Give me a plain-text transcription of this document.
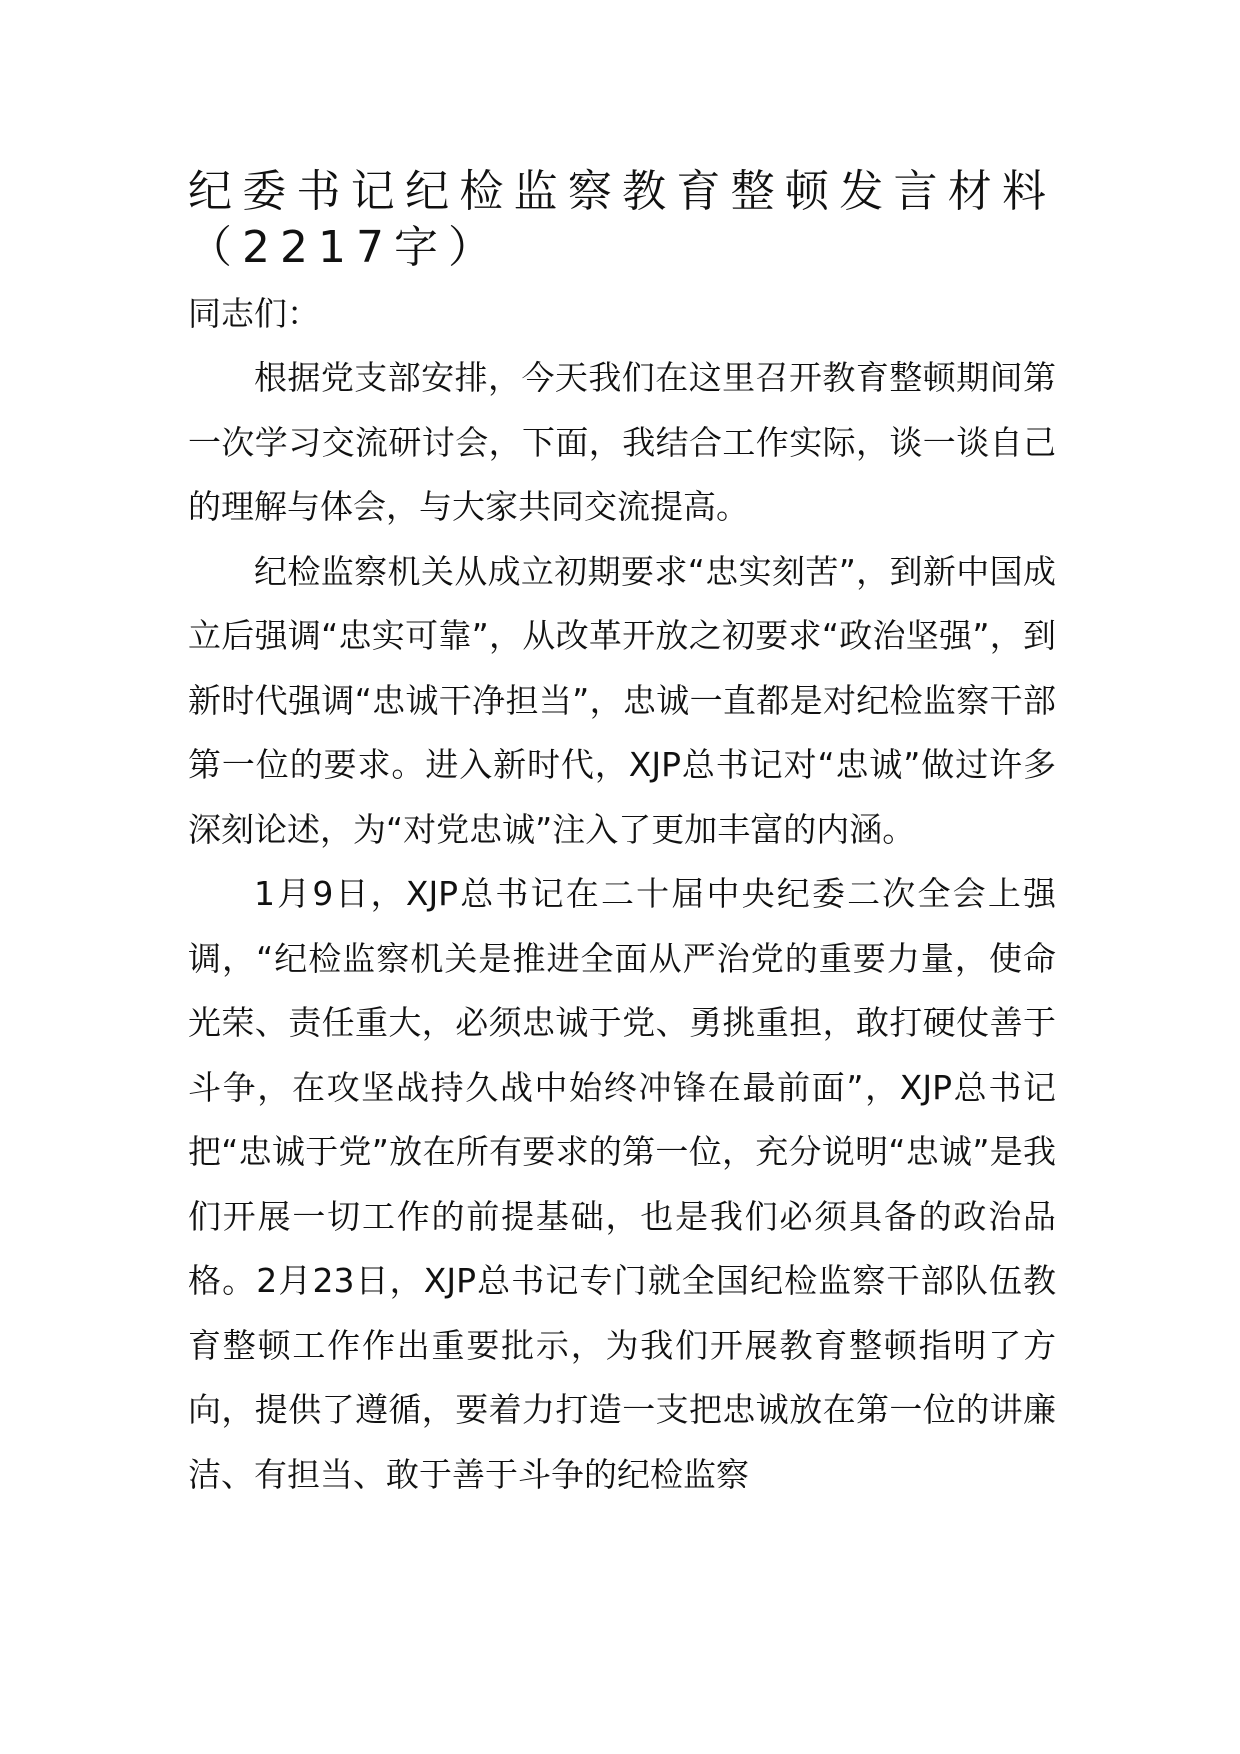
纪委书记纪检监察教育整顿发言材料（2217字）

同志们：

根据党支部安排，今天我们在这里召开教育整顿期间第一次学习交流研讨会，下面，我结合工作实际，谈一谈自己的理解与体会，与大家共同交流提高。

纪检监察机关从成立初期要求“忠实刻苦”，到新中国成立后强调“忠实可靠”，从改革开放之初要求“政治坚强”，到新时代强调“忠诚干净担当”，忠诚一直都是对纪检监察干部第一位的要求。进入新时代，XJP总书记对“忠诚”做过许多深刻论述，为“对党忠诚”注入了更加丰富的内涵。

1月9日，XJP总书记在二十届中央纪委二次全会上强调，“纪检监察机关是推进全面从严治党的重要力量，使命光荣、责任重大，必须忠诚于党、勇挑重担，敢打硬仗善于斗争，在攻坚战持久战中始终冲锋在最前面”，XJP总书记把“忠诚于党”放在所有要求的第一位，充分说明“忠诚”是我们开展一切工作的前提基础，也是我们必须具备的政治品格。2月23日，XJP总书记专门就全国纪检监察干部队伍教育整顿工作作出重要批示，为我们开展教育整顿指明了方向，提供了遵循，要着力打造一支把忠诚放在第一位的讲廉洁、有担当、敢于善于斗争的纪检监察
